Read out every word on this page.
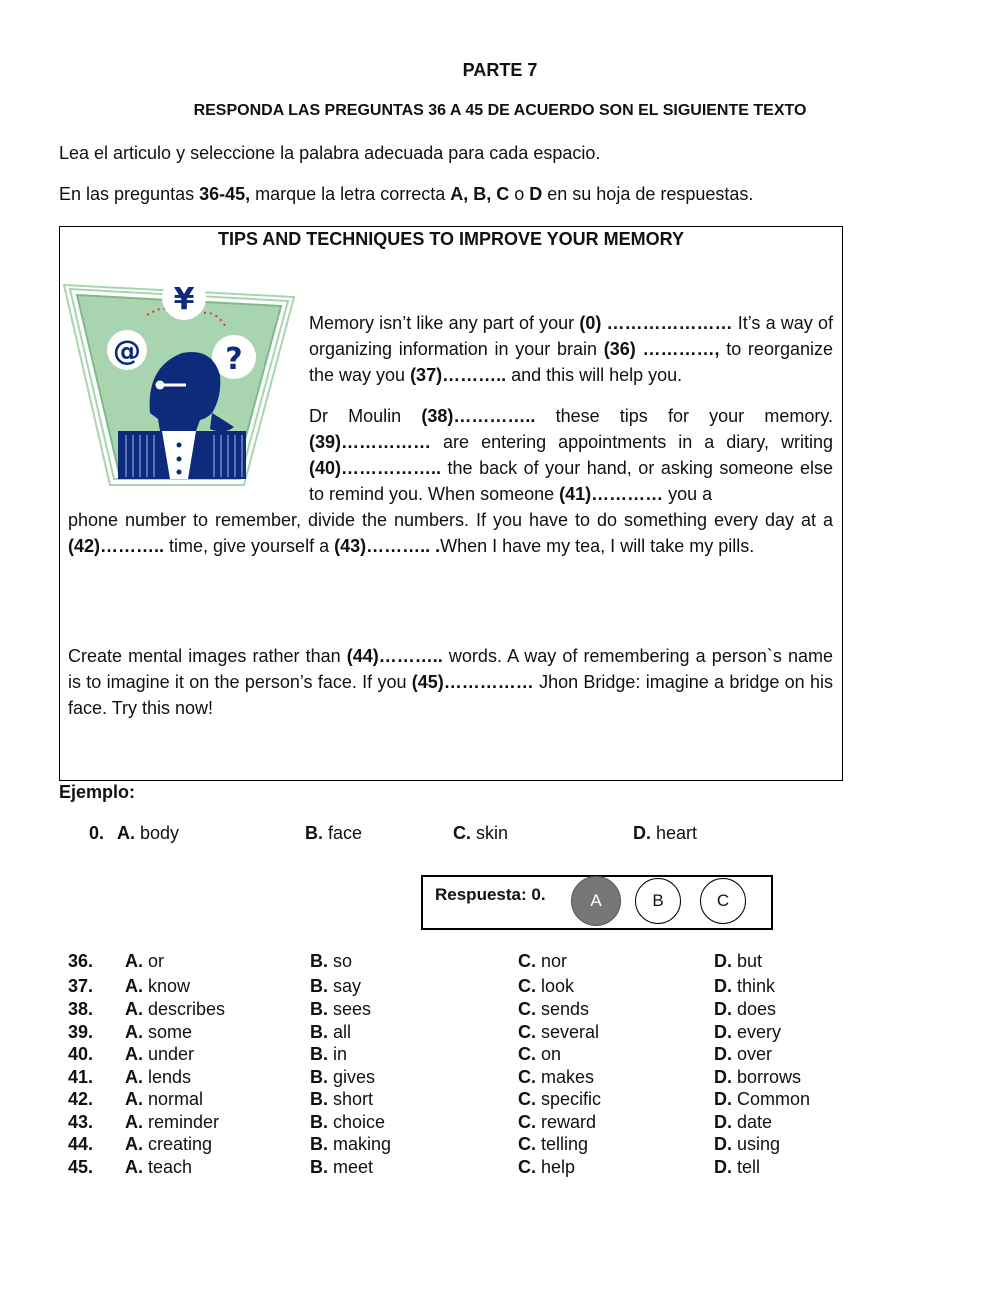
PARTE 7
RESPONDA LAS PREGUNTAS 36 A 45 DE ACUERDO SON EL SIGUIENTE TEXTO
Lea el articulo y seleccione la palabra adecuada para cada espacio.
En las preguntas 36-45, marque la letra correcta A, B, C o D en su hoja de respuestas.
TIPS AND TECHNIQUES TO IMPROVE YOUR MEMORY
¥
@	?
Memory isn’t like any part of your (0) ………………… It’s a way of organizing information in your brain (36) …………, to reorganize the way you (37)……….. and this will help you.
Dr Moulin (38)………….. these tips for your memory. (39)…………… are entering appointments in a diary, writing (40)…………….. the back of your hand, or asking someone else to remind you. When someone (41)………… you a
phone number to remember, divide the numbers. If you have to do something every day at a (42)……….. time, give yourself a (43)……….. .When I have my tea, I will take my pills.
Create mental images rather than (44)……….. words. A way of remembering a person`s name is to imagine it on the person’s face. If you (45)…………… Jhon Bridge: imagine a bridge on his face. Try this now!
Ejemplo:
0. A. body	B. face	C. skin	D. heart
Respuesta: 0.	A	B	C
36. A. or	B. so	C. nor	D. but
37. A. know	B. say	C. look	D. think
38. A. describes	B. sees	C. sends	D. does
39. A. some	B. all	C. several	D. every
40. A. under	B. in	C. on	D. over
41. A. lends	B. gives	C. makes	D. borrows
42. A. normal	B. short	C. specific	D. Common
43. A. reminder	B. choice	C. reward	D. date
44. A. creating	B. making	C. telling	D. using
45. A. teach	B. meet	C. help	D. tell
